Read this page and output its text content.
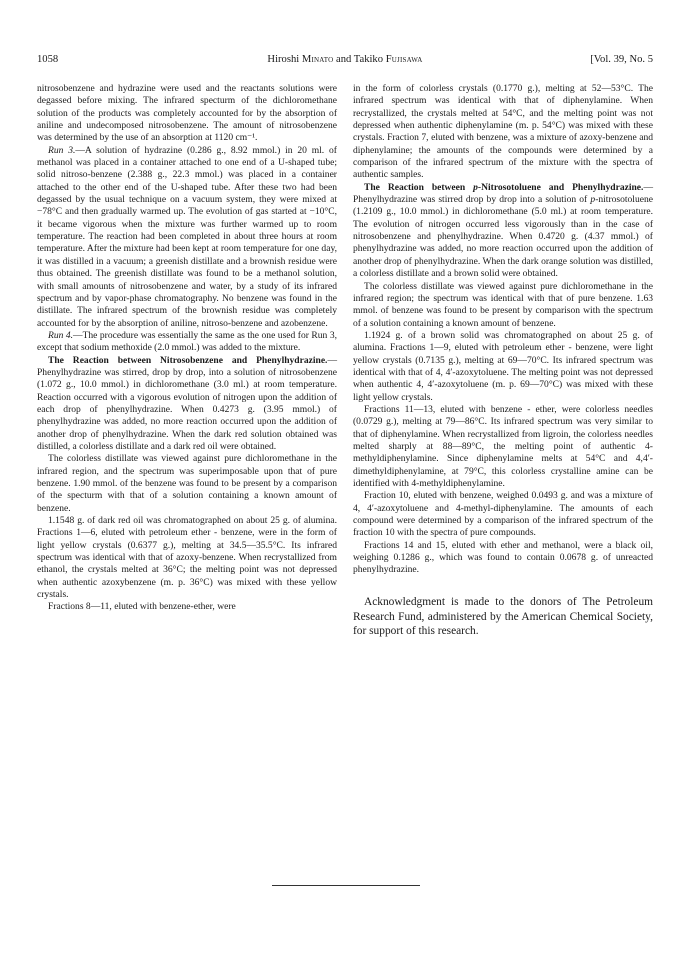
1058	Hiroshi Minato and Takiko Fujisawa	[Vol. 39, No. 5

nitrosobenzene and hydrazine were used and the reactants solutions were degassed before mixing. The infrared specturm of the dichloromethane solution of the products was completely accounted for by the absorption of aniline and undecomposed nitrosobenzene. The amount of nitrosobenzene was determined by the use of an absorption at 1120 cm⁻¹.

Run 3.—A solution of hydrazine (0.286 g., 8.92 mmol.) in 20 ml. of methanol was placed in a container attached to one end of a U-shaped tube; solid nitroso-benzene (2.388 g., 22.3 mmol.) was placed in a container attached to the other end of the U-shaped tube. After these two had been degassed by the usual technique on a vacuum system, they were mixed at −78°C and then gradually warmed up. The evolution of gas started at −10°C, it became vigorous when the mixture was further warmed up to room temperature. The reaction had been completed in about three hours at room temperature. After the mixture had been kept at room temperature for one day, it was distilled in a vacuum; a greenish distillate and a brownish residue were thus obtained. The greenish distillate was found to be a methanol solution, with small amounts of nitrosobenzene and water, by a study of its infrared spectrum and by vapor-phase chromatography. No benzene was found in the distillate. The infrared spectrum of the brownish residue was completely accounted for by the absorption of aniline, nitroso-benzene and azobenzene.

Run 4.—The procedure was essentially the same as the one used for Run 3, except that sodium methoxide (2.0 mmol.) was added to the mixture.

The Reaction between Nitrosobenzene and Phenylhydrazine.—Phenylhydrazine was stirred, drop by drop, into a solution of nitrosobenzene (1.072 g., 10.0 mmol.) in dichloromethane (3.0 ml.) at room temperature. Reaction occurred with a vigorous evolution of nitrogen upon the addition of each drop of phenylhydrazine. When 0.4273 g. (3.95 mmol.) of phenylhydrazine was added, no more reaction occurred upon the addition of another drop of phenylhydrazine. When the dark red solution obtained was distilled, a colorless distillate and a dark red oil were obtained.

The colorless distillate was viewed against pure dichloromethane in the infrared region, and the spectrum was superimposable upon that of pure benzene. 1.90 mmol. of the benzene was found to be present by a comparison of the specturm with that of a solution containing a known amount of benzene.

1.1548 g. of dark red oil was chromatographed on about 25 g. of alumina. Fractions 1—6, eluted with petroleum ether - benzene, were in the form of light yellow crystals (0.6377 g.), melting at 34.5—35.5°C. Its infrared spectrum was identical with that of azoxy-benzene. When recrystallized from ethanol, the crystals melted at 36°C; the melting point was not depressed when authentic azoxybenzene (m. p. 36°C) was mixed with these yellow crystals.

Fractions 8—11, eluted with benzene-ether, were

in the form of colorless crystals (0.1770 g.), melting at 52—53°C. The infrared spectrum was identical with that of diphenylamine. When recrystallized, the crystals melted at 54°C, and the melting point was not depressed when authentic diphenylamine (m. p. 54°C) was mixed with these crystals. Fraction 7, eluted with benzene, was a mixture of azoxy-benzene and diphenylamine; the amounts of the compounds were determined by a comparison of the infrared spectrum of the mixture with the spectra of authentic samples.

The Reaction between p-Nitrosotoluene and Phenylhydrazine.—Phenylhydrazine was stirred drop by drop into a solution of p-nitrosotoluene (1.2109 g., 10.0 mmol.) in dichloromethane (5.0 ml.) at room temperature. The evolution of nitrogen occurred less vigorously than in the case of nitrosobenzene and phenylhydrazine. When 0.4720 g. (4.37 mmol.) of phenylhydrazine was added, no more reaction occurred upon the addition of another drop of phenylhydrazine. When the dark orange solution was distilled, a colorless distillate and a brown solid were obtained.

The colorless distillate was viewed against pure dichloromethane in the infrared region; the spectrum was identical with that of pure benzene. 1.63 mmol. of benzene was found to be present by comparison with the spectrum of a solution containing a known amount of benzene.

1.1924 g. of a brown solid was chromatographed on about 25 g. of alumina. Fractions 1—9, eluted with petroleum ether - benzene, were light yellow crystals (0.7135 g.), melting at 69—70°C. Its infrared spectrum was identical with that of 4, 4′-azoxytoluene. The melting point was not depressed when authentic 4, 4′-azoxytoluene (m. p. 69—70°C) was mixed with these light yellow crystals.

Fractions 11—13, eluted with benzene - ether, were colorless needles (0.0729 g.), melting at 79—86°C. Its infrared spectrum was very similar to that of diphenylamine. When recrystallized from ligroin, the colorless needles melted sharply at 88—89°C, the melting point of authentic 4-methyldiphenylamine. Since diphenylamine melts at 54°C and 4,4′-dimethyldiphenylamine, at 79°C, this colorless crystalline amine can be identified with 4-methyldiphenylamine.

Fraction 10, eluted with benzene, weighed 0.0493 g. and was a mixture of 4, 4′-azoxytoluene and 4-methyl-diphenylamine. The amounts of each compound were determined by a comparison of the infrared spectrum of the fraction 10 with the spectra of pure compounds.

Fractions 14 and 15, eluted with ether and methanol, were a black oil, weighing 0.1286 g., which was found to contain 0.0678 g. of unreacted phenylhydrazine.

Acknowledgment is made to the donors of The Petroleum Research Fund, administered by the American Chemical Society, for support of this research.
